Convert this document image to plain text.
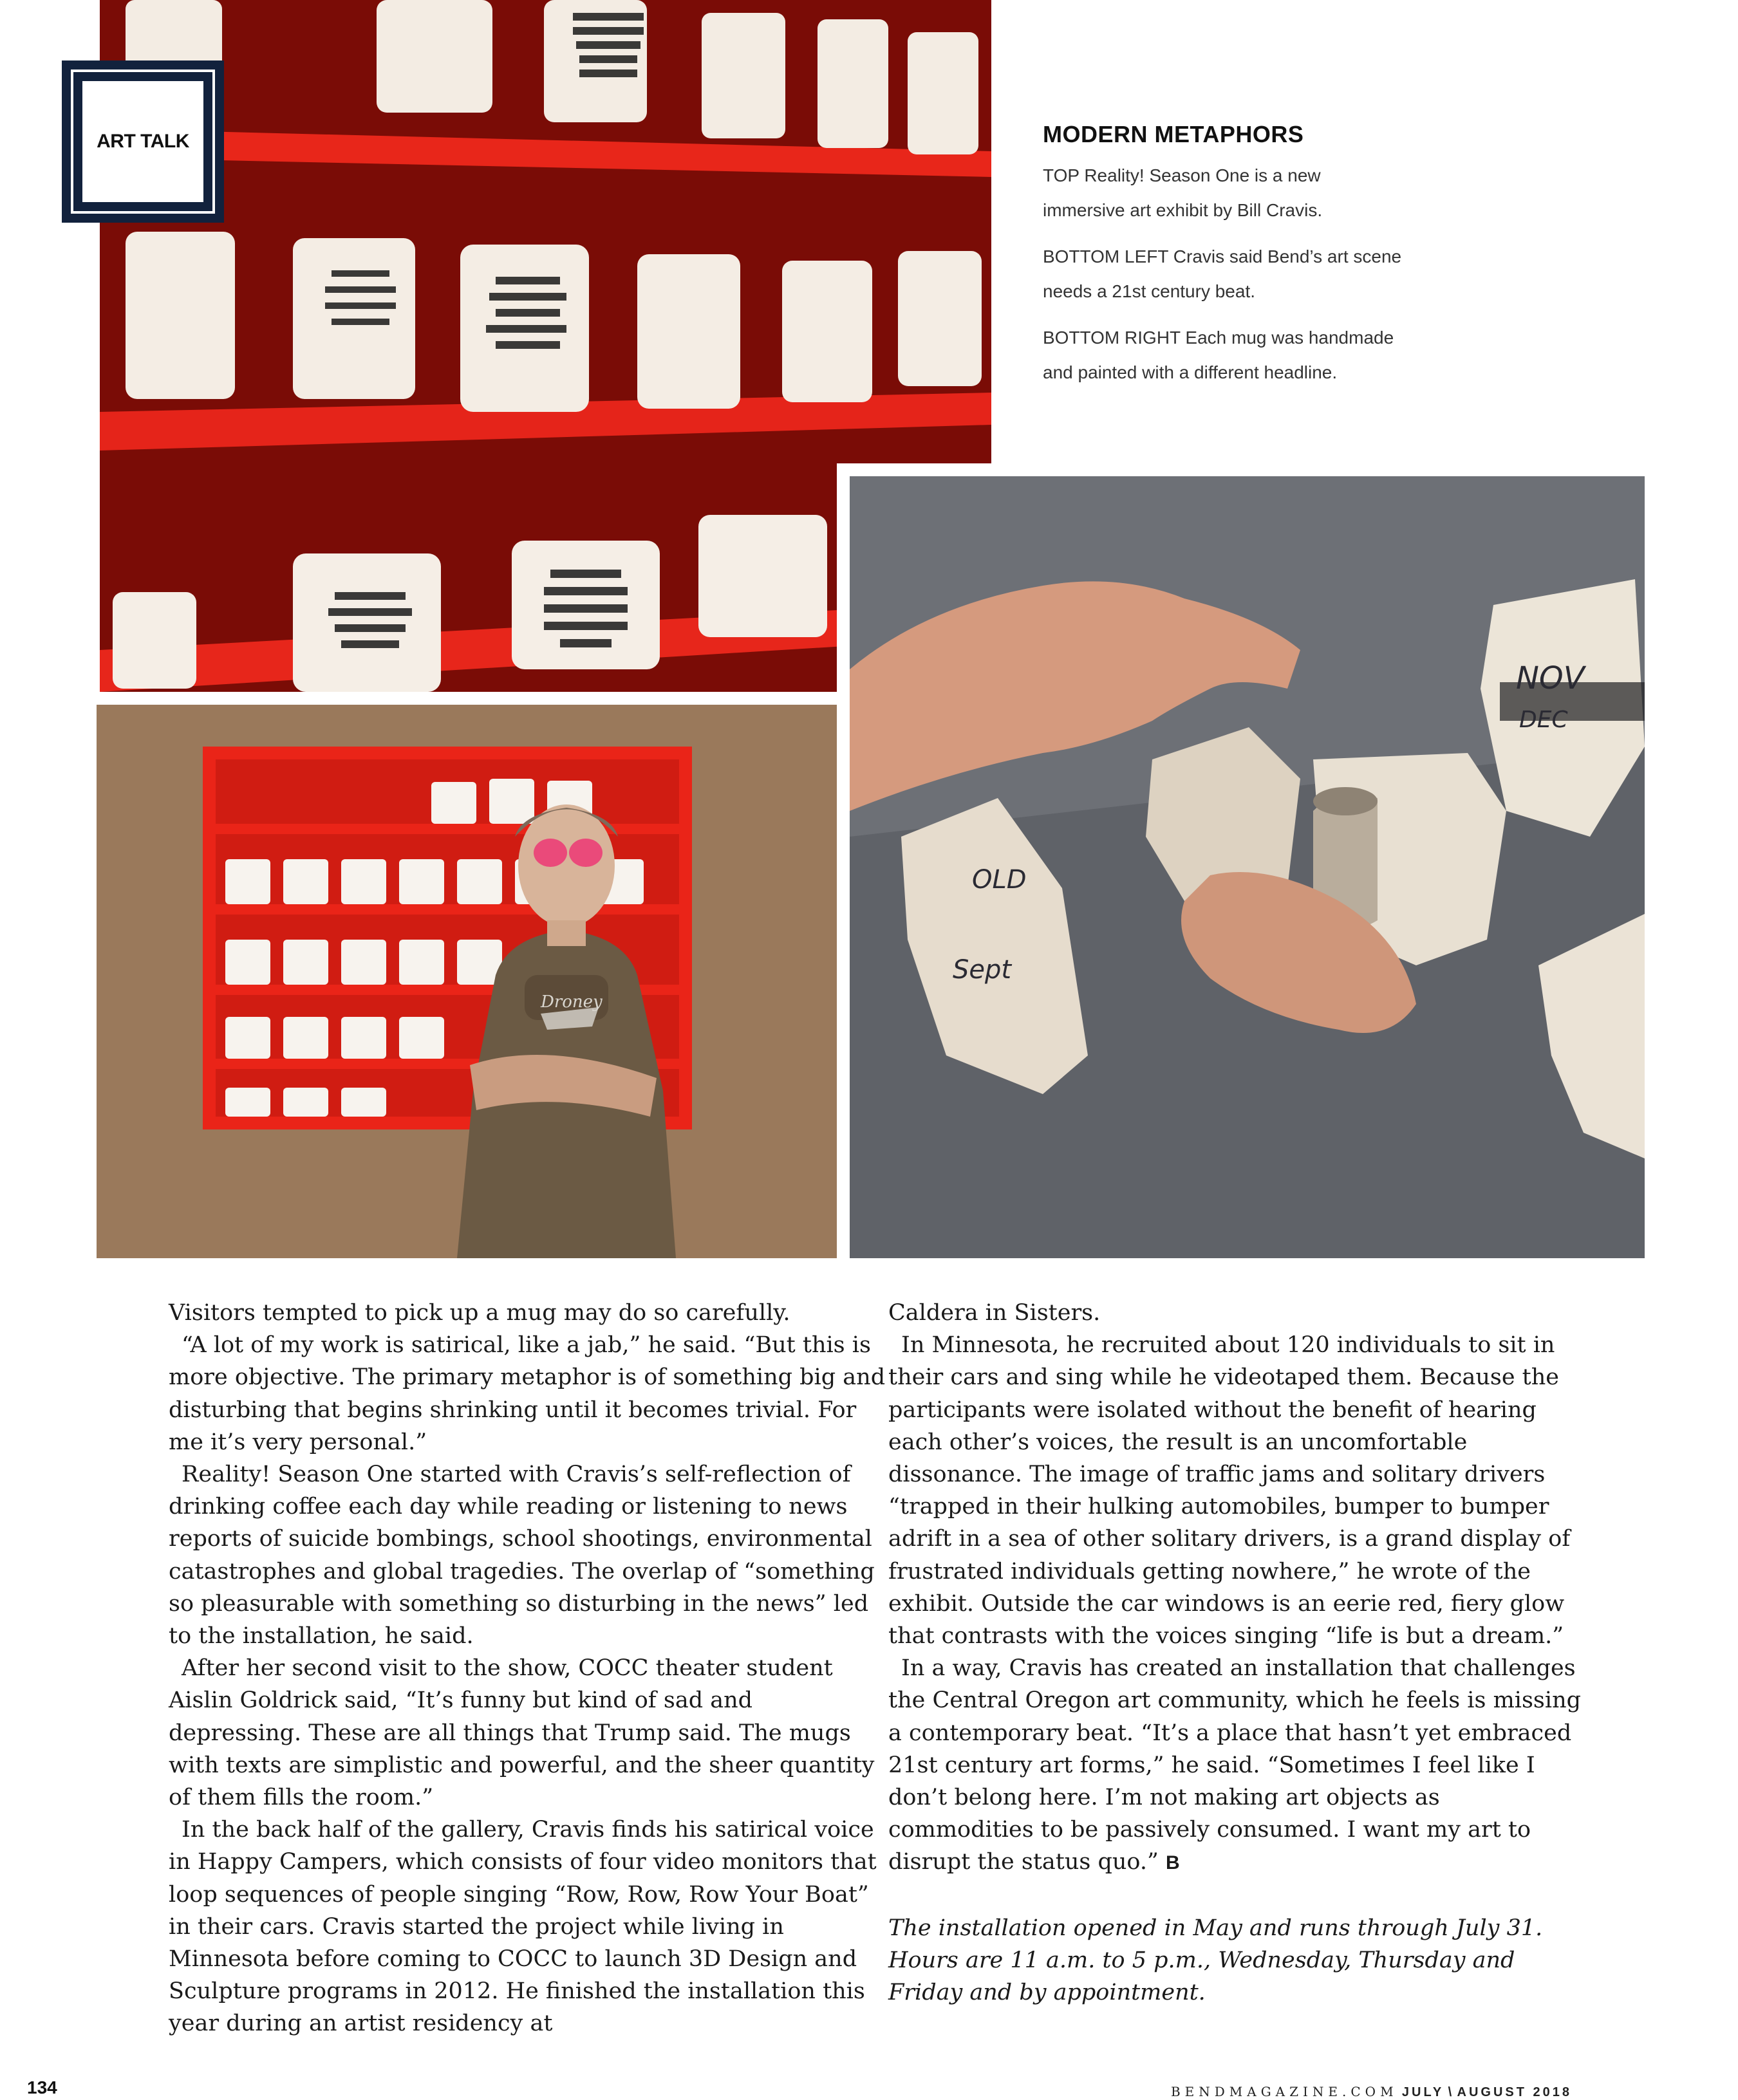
ART TALK	MODERN METAPHORS

TOP Reality! Season One is a new immersive art exhibit by Bill Cravis.

BOTTOM LEFT Cravis said Bend’s art scene needs a 21st century beat.

BOTTOM RIGHT Each mug was handmade and painted with a different headline.

Droney
NOV
DEC
OLD
Sept

Visitors tempted to pick up a mug may do so carefully.

“A lot of my work is satirical, like a jab,” he said. “But this is more objective. The primary metaphor is of something big and disturbing that begins shrinking until it becomes trivial. For me it’s very personal.”

Reality! Season One started with Cravis’s self-reflection of drinking coffee each day while reading or listening to news reports of suicide bombings, school shootings, environmental catastrophes and global tragedies. The overlap of “something so pleasurable with something so disturbing in the news” led to the installation, he said.

After her second visit to the show, COCC theater student Aislin Goldrick said, “It’s funny but kind of sad and depressing. These are all things that Trump said. The mugs with texts are simplistic and powerful, and the sheer quantity of them fills the room.”

In the back half of the gallery, Cravis finds his satirical voice in Happy Campers, which consists of four video monitors that loop sequences of people singing “Row, Row, Row Your Boat” in their cars. Cravis started the project while living in Minnesota before coming to COCC to launch 3D Design and Sculpture programs in 2012. He finished the installation this year during an artist residency at

Caldera in Sisters.

In Minnesota, he recruited about 120 individuals to sit in their cars and sing while he videotaped them. Because the participants were isolated without the benefit of hearing each other’s voices, the result is an uncomfortable dissonance. The image of traffic jams and solitary drivers “trapped in their hulking automobiles, bumper to bumper adrift in a sea of other solitary drivers, is a grand display of frustrated individuals getting nowhere,” he wrote of the exhibit. Outside the car windows is an eerie red, fiery glow that contrasts with the voices singing “life is but a dream.”

In a way, Cravis has created an installation that challenges the Central Oregon art community, which he feels is missing a contemporary beat. “It’s a place that hasn’t yet embraced 21st century art forms,” he said. “Sometimes I feel like I don’t belong here. I’m not making art objects as commodities to be passively consumed. I want my art to disrupt the status quo.” B

The installation opened in May and runs through July 31. Hours are 11 a.m. to 5 p.m., Wednesday, Thursday and Friday and by appointment.

134	BENDMAGAZINE.COM JULY \ AUGUST 2018
